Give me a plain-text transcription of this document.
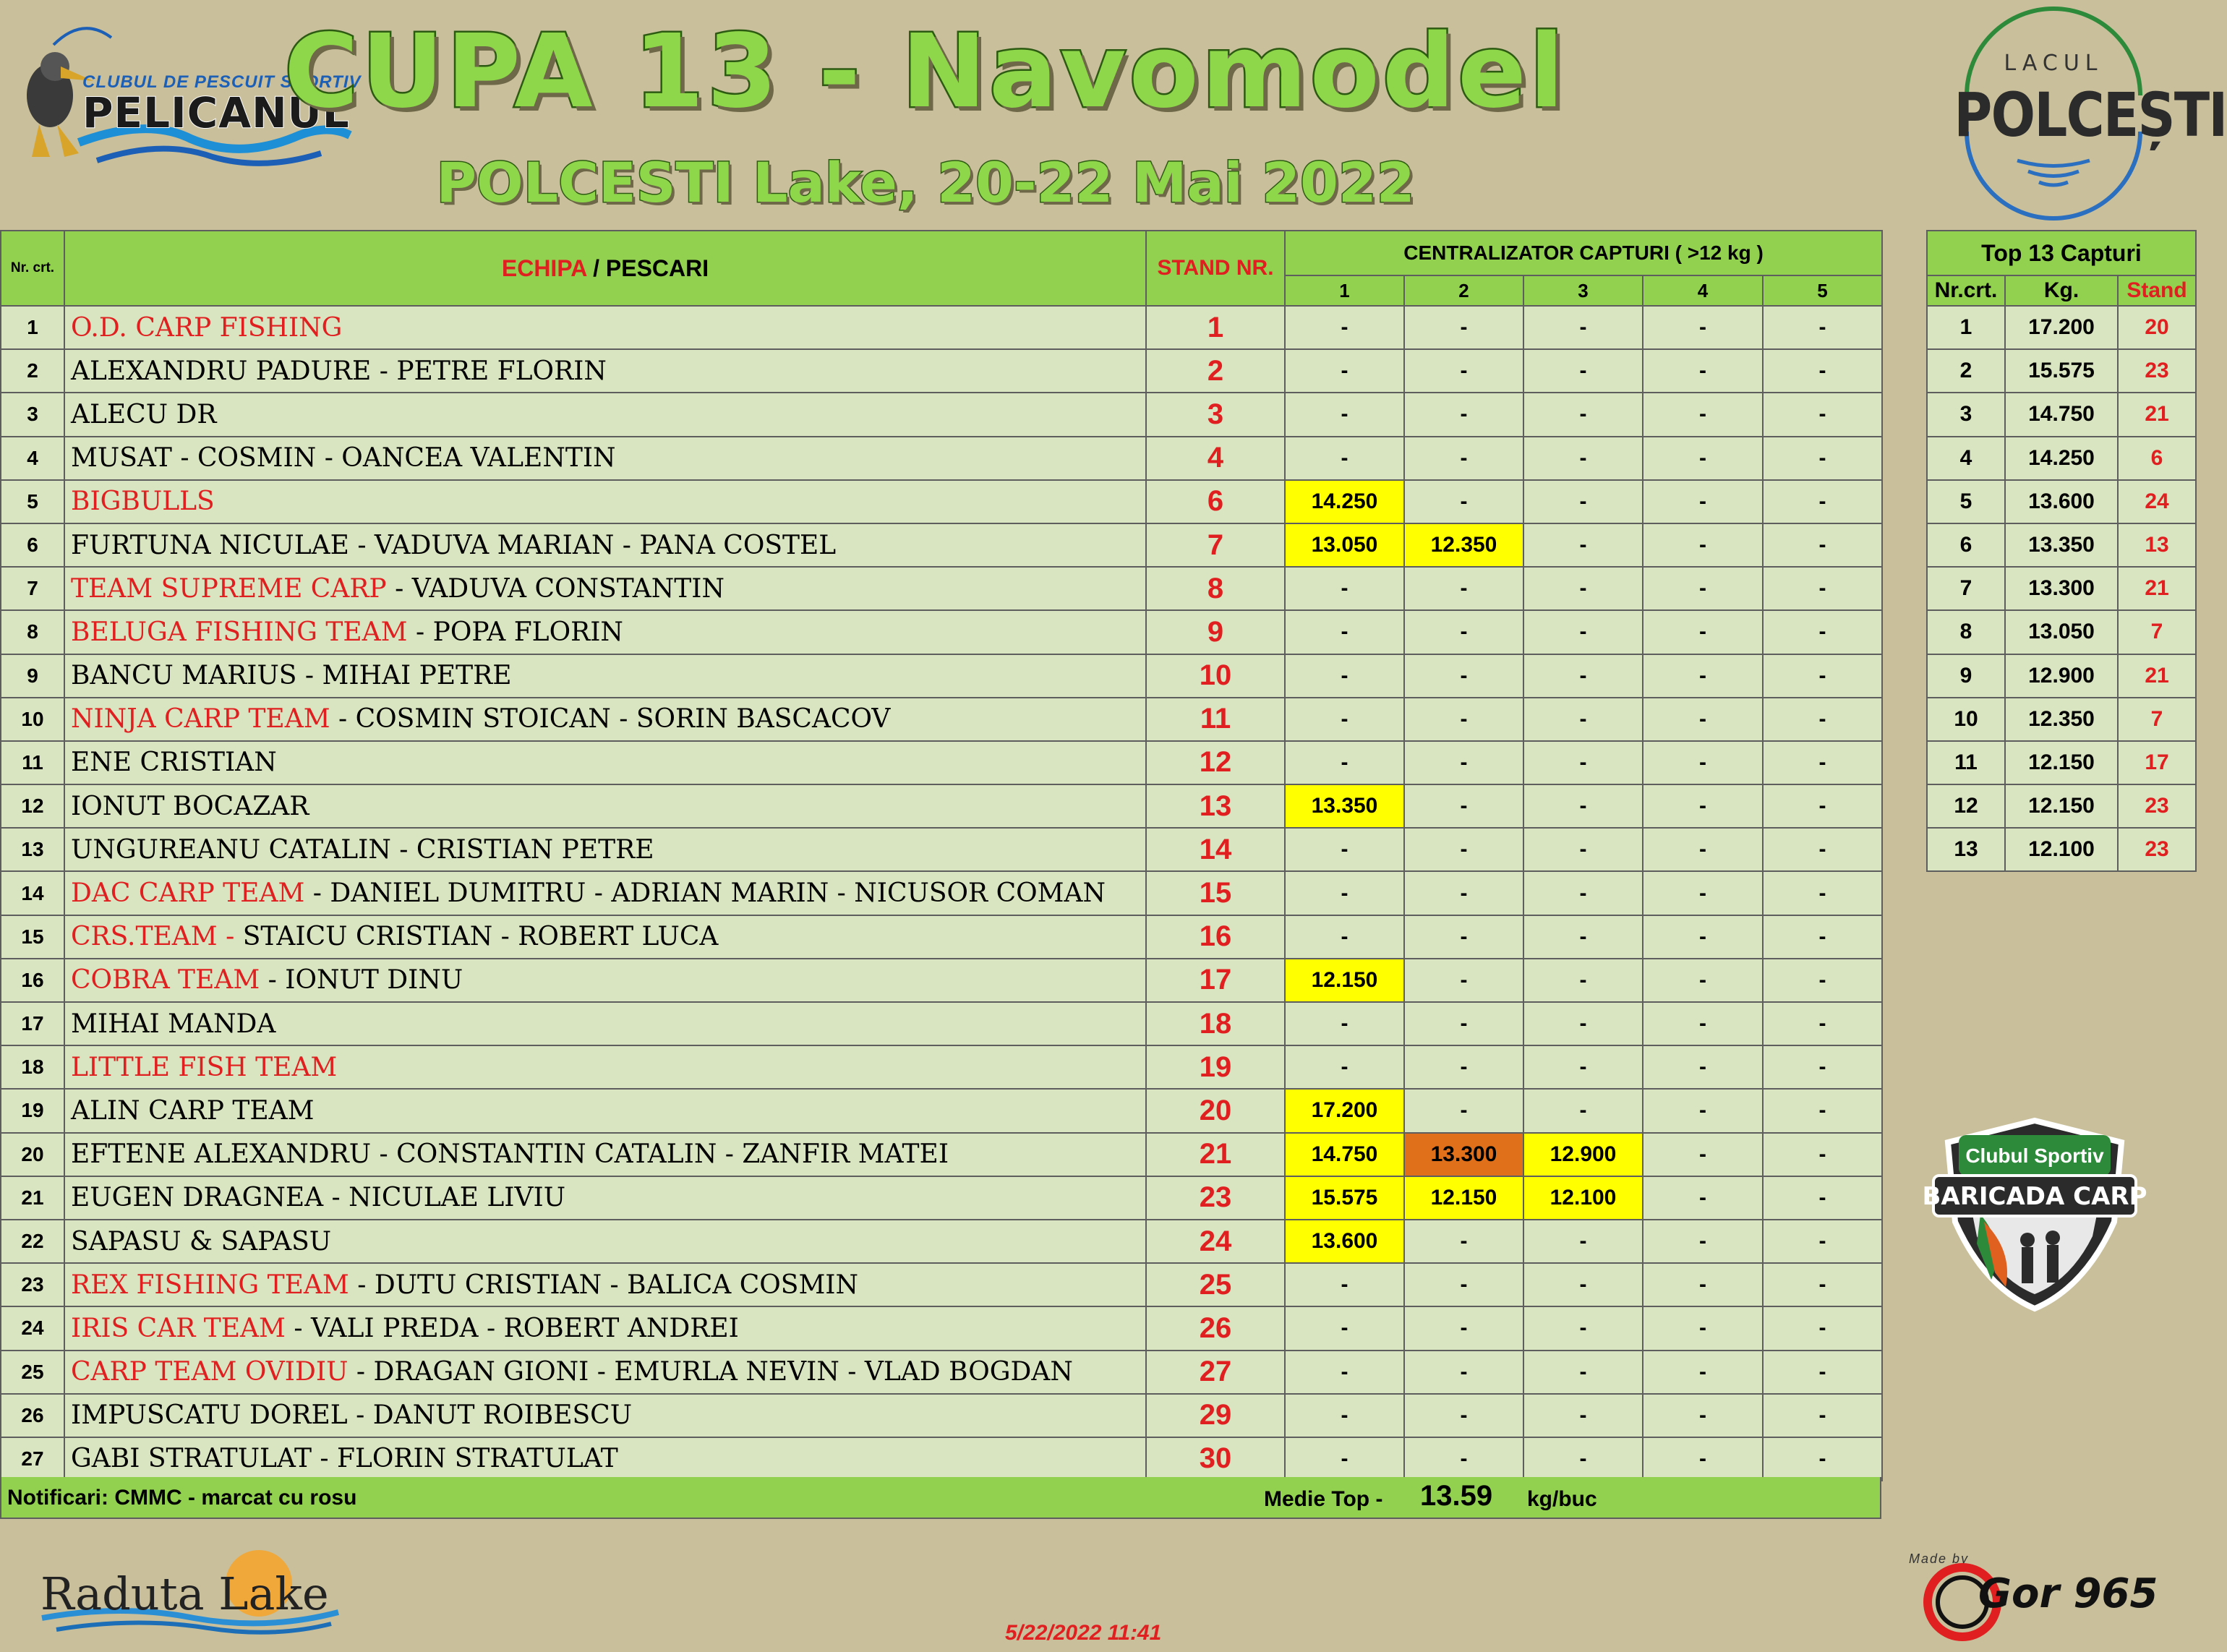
CLUBUL DE PESCUIT SPORTIV
PELICANUL
CUPA 13 - Navomodel
POLCESTI Lake, 20-22 Mai 2022
LACUL
POLCEȘTI
Nr. crt.	ECHIPA / PESCARI	STAND NR.	CENTRALIZATOR CAPTURI ( >12 kg )				
			1	2	3	4	5
1	O.D. CARP FISHING	1	-	-	-	-	-
2	ALEXANDRU PADURE - PETRE FLORIN	2	-	-	-	-	-
3	ALECU DR	3	-	-	-	-	-
4	MUSAT - COSMIN - OANCEA VALENTIN	4	-	-	-	-	-
5	BIGBULLS	6	14.250	-	-	-	-
6	FURTUNA NICULAE - VADUVA MARIAN - PANA COSTEL	7	13.050	12.350	-	-	-
7	TEAM SUPREME CARP - VADUVA CONSTANTIN	8	-	-	-	-	-
8	BELUGA FISHING TEAM - POPA FLORIN	9	-	-	-	-	-
9	BANCU MARIUS - MIHAI PETRE	10	-	-	-	-	-
10	NINJA CARP TEAM - COSMIN STOICAN - SORIN BASCACOV	11	-	-	-	-	-
11	ENE CRISTIAN	12	-	-	-	-	-
12	IONUT BOCAZAR	13	13.350	-	-	-	-
13	UNGUREANU CATALIN - CRISTIAN PETRE	14	-	-	-	-	-
14	DAC CARP TEAM - DANIEL DUMITRU - ADRIAN MARIN - NICUSOR COMAN	15	-	-	-	-	-
15	CRS.TEAM - STAICU CRISTIAN - ROBERT LUCA	16	-	-	-	-	-
16	COBRA TEAM - IONUT DINU	17	12.150	-	-	-	-
17	MIHAI MANDA	18	-	-	-	-	-
18	LITTLE FISH TEAM	19	-	-	-	-	-
19	ALIN CARP TEAM	20	17.200	-	-	-	-
20	EFTENE ALEXANDRU - CONSTANTIN CATALIN - ZANFIR MATEI	21	14.750	13.300	12.900	-	-
21	EUGEN DRAGNEA - NICULAE LIVIU	23	15.575	12.150	12.100	-	-
22	SAPASU & SAPASU	24	13.600	-	-	-	-
23	REX FISHING TEAM - DUTU CRISTIAN - BALICA COSMIN	25	-	-	-	-	-
24	IRIS CAR TEAM - VALI PREDA - ROBERT ANDREI	26	-	-	-	-	-
25	CARP TEAM OVIDIU - DRAGAN GIONI - EMURLA NEVIN - VLAD BOGDAN	27	-	-	-	-	-
26	IMPUSCATU DOREL - DANUT ROIBESCU	29	-	-	-	-	-
27	GABI STRATULAT - FLORIN STRATULAT	30	-	-	-	-	-
Notificari: CMMC - marcat cu rosu	Medie Top - 13.59 kg/buc
Top 13 Capturi		
Nr.crt.	Kg.	Stand
1	17.200	20
2	15.575	23
3	14.750	21
4	14.250	6
5	13.600	24
6	13.350	13
7	13.300	21
8	13.050	7
9	12.900	21
10	12.350	7
11	12.150	17
12	12.150	23
13	12.100	23
Clubul Sportiv
BARICADA CARP
Raduta Lake
5/22/2022 11:41
Made by
Gor 965
